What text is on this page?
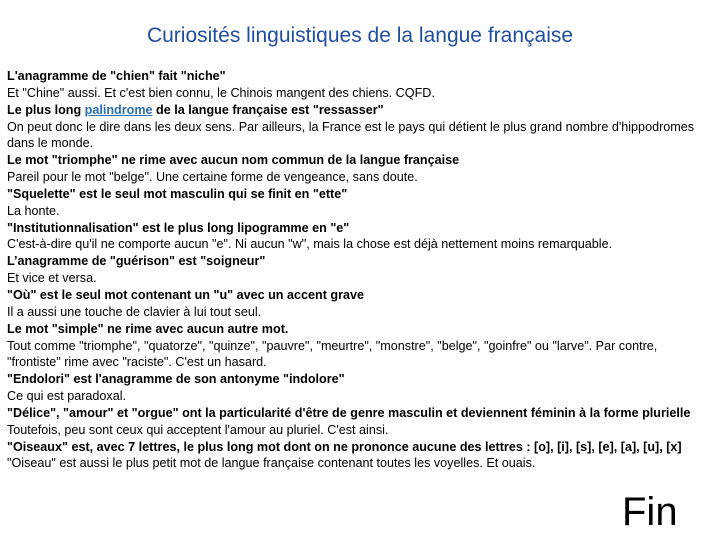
Curiosités linguistiques de la langue française

L'anagramme de "chien" fait "niche"

Et "Chine" aussi. Et c'est bien connu, le Chinois mangent des chiens. CQFD.

Le plus long palindrome de la langue française est "ressasser"

On peut donc le dire dans les deux sens. Par ailleurs, la France est le pays qui détient le plus grand nombre d'hippodromes dans le monde.

Le mot "triomphe" ne rime avec aucun nom commun de la langue française

Pareil pour le mot "belge". Une certaine forme de vengeance, sans doute.

"Squelette" est le seul mot masculin qui se finit en "ette"

La honte.

"Institutionnalisation" est le plus long lipogramme en "e"

C'est-à-dire qu'il ne comporte aucun "e". Ni aucun "w", mais la chose est déjà nettement moins remarquable.

L’anagramme de "guérison" est "soigneur"

Et vice et versa.

"Où" est le seul mot contenant un "u" avec un accent grave

Il a aussi une touche de clavier à lui tout seul.

Le mot "simple" ne rime avec aucun autre mot.

Tout comme "triomphe", "quatorze", "quinze", "pauvre", "meurtre", "monstre", "belge", "goinfre" ou "larve". Par contre, "frontiste" rime avec "raciste". C'est un hasard.

"Endolori" est l'anagramme de son antonyme "indolore"

Ce qui est paradoxal.

"Délice", "amour" et "orgue" ont la particularité d'être de genre masculin et deviennent féminin à la forme plurielle

Toutefois, peu sont ceux qui acceptent l'amour au pluriel. C'est ainsi.

"Oiseaux" est, avec 7 lettres, le plus long mot dont on ne prononce aucune des lettres : [o], [i], [s], [e], [a], [u], [x]

"Oiseau" est aussi le plus petit mot de langue française contenant toutes les voyelles. Et ouais.

Fin
